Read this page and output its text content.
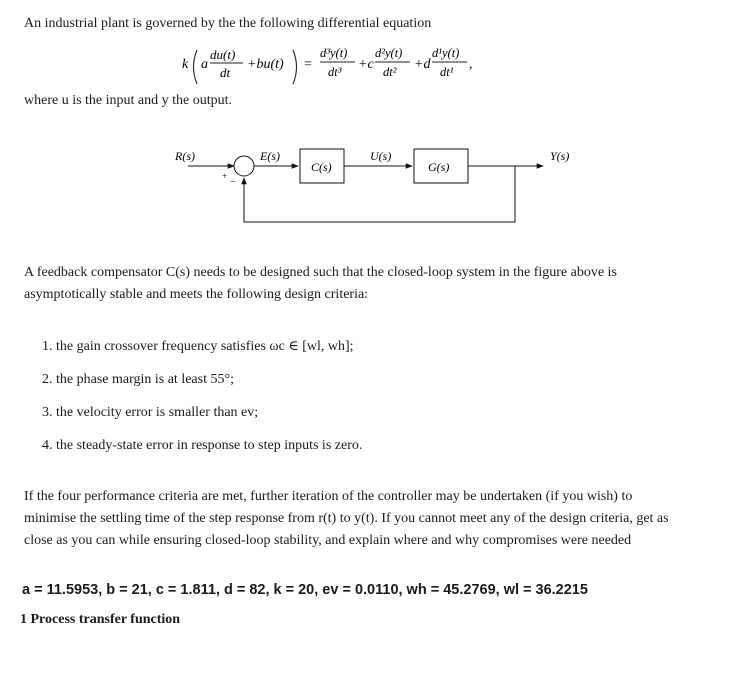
An industrial plant is governed by the the following differential equation
k a
du(t)
dt
+bu(t) =
d³y(t)
dt³ +c
d²y(t)
dt² +d
d¹y(t)
dt¹ ,
where u is the input and y the output.
R(s)	E(s)	U(s)	Y(s)
+
−
C(s)	G(s)
A feedback compensator C(s) needs to be designed such that the closed-loop system in the figure above is asymptotically stable and meets the following design criteria:
1. the gain crossover frequency satisfies ωc ∈ [wl, wh];
2. the phase margin is at least 55°;
3. the velocity error is smaller than ev;
4. the steady-state error in response to step inputs is zero.
If the four performance criteria are met, further iteration of the controller may be undertaken (if you wish) to minimise the settling time of the step response from r(t) to y(t). If you cannot meet any of the design criteria, get as close as you can while ensuring closed-loop stability, and explain where and why compromises were needed
a = 11.5953, b = 21, c = 1.811, d = 82, k = 20, ev = 0.0110, wh = 45.2769, wl = 36.2215
1 Process transfer function
